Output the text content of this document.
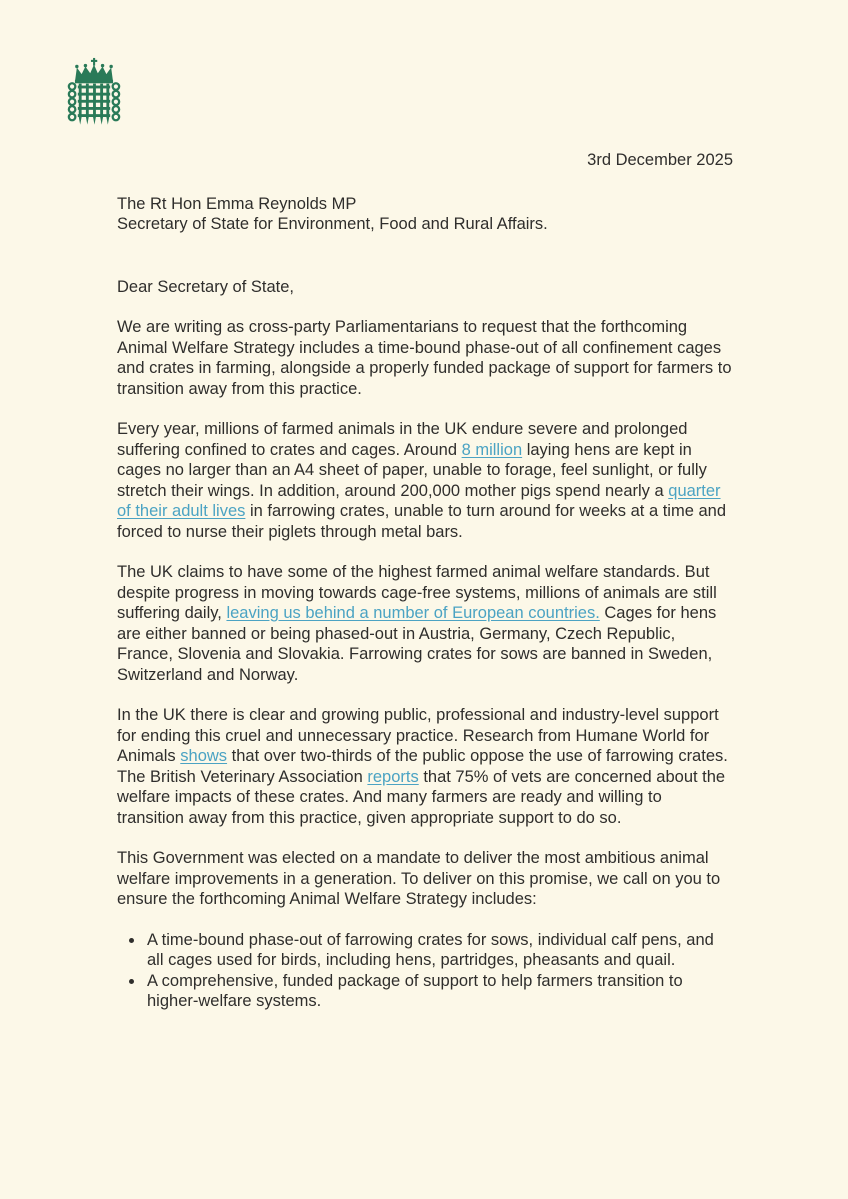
3rd December 2025
The Rt Hon Emma Reynolds MP
Secretary of State for Environment, Food and Rural Affairs.
Dear Secretary of State,

We are writing as cross-party Parliamentarians to request that the forthcoming Animal Welfare Strategy includes a time-bound phase-out of all confinement cages and crates in farming, alongside a properly funded package of support for farmers to transition away from this practice.

Every year, millions of farmed animals in the UK endure severe and prolonged suffering confined to crates and cages. Around 8 million laying hens are kept in cages no larger than an A4 sheet of paper, unable to forage, feel sunlight, or fully stretch their wings. In addition, around 200,000 mother pigs spend nearly a quarter of their adult lives in farrowing crates, unable to turn around for weeks at a time and forced to nurse their piglets through metal bars.

The UK claims to have some of the highest farmed animal welfare standards. But despite progress in moving towards cage-free systems, millions of animals are still suffering daily, leaving us behind a number of European countries. Cages for hens are either banned or being phased-out in Austria, Germany, Czech Republic, France, Slovenia and Slovakia. Farrowing crates for sows are banned in Sweden, Switzerland and Norway.

In the UK there is clear and growing public, professional and industry-level support for ending this cruel and unnecessary practice. Research from Humane World for Animals shows that over two-thirds of the public oppose the use of farrowing crates. The British Veterinary Association reports that 75% of vets are concerned about the welfare impacts of these crates. And many farmers are ready and willing to transition away from this practice, given appropriate support to do so.

This Government was elected on a mandate to deliver the most ambitious animal welfare improvements in a generation. To deliver on this promise, we call on you to ensure the forthcoming Animal Welfare Strategy includes:

• A time-bound phase-out of farrowing crates for sows, individual calf pens, and all cages used for birds, including hens, partridges, pheasants and quail.
• A comprehensive, funded package of support to help farmers transition to higher-welfare systems.
